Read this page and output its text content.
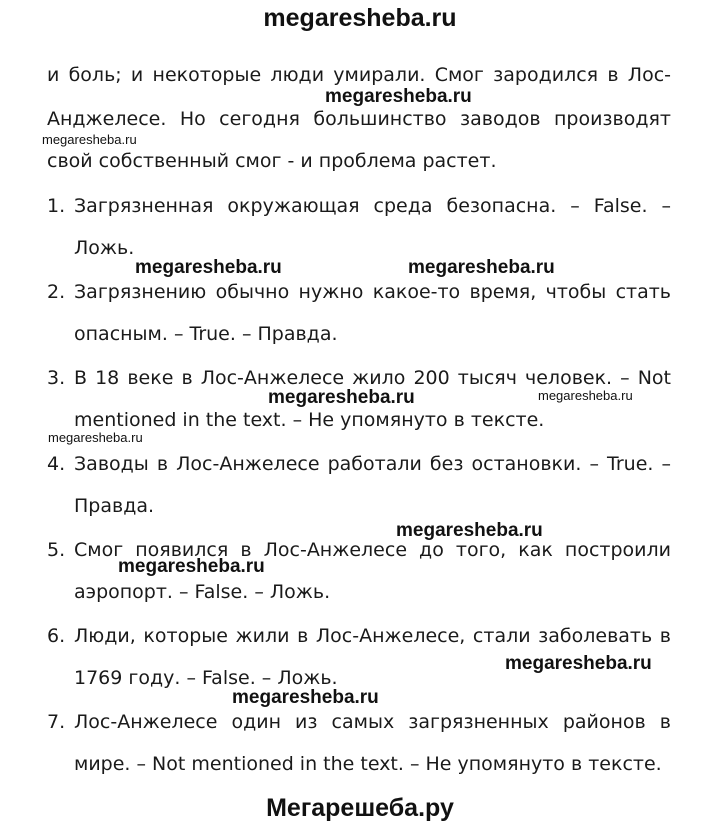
megaresheba.ru
и боль; и некоторые люди умирали. Смог зародился в Лос-
Анджелесе. Но сегодня большинство заводов производят
свой собственный смог - и проблема растет.
1. Загрязненная окружающая среда безопасна. – False. –
Ложь.
2. Загрязнению обычно нужно какое-то время, чтобы стать
опасным. – True. – Правда.
3. В 18 веке в Лос-Анжелесе жило 200 тысяч человек. – Not
mentioned in the text. – Не упомянуто в тексте.
4. Заводы в Лос-Анжелесе работали без остановки. – True. –
Правда.
5. Смог появился в Лос-Анжелесе до того, как построили
аэропорт. – False. – Ложь.
6. Люди, которые жили в Лос-Анжелесе, стали заболевать в
1769 году. – False. – Ложь.
7. Лос-Анжелесе один из самых загрязненных районов в
мире. – Not mentioned in the text. – Не упомянуто в тексте.
megaresheba.ru
megaresheba.ru
megaresheba.ru	megaresheba.ru
megaresheba.ru	megaresheba.ru
megaresheba.ru
megaresheba.ru
megaresheba.ru
megaresheba.ru
megaresheba.ru
Мегарешеба.ру
